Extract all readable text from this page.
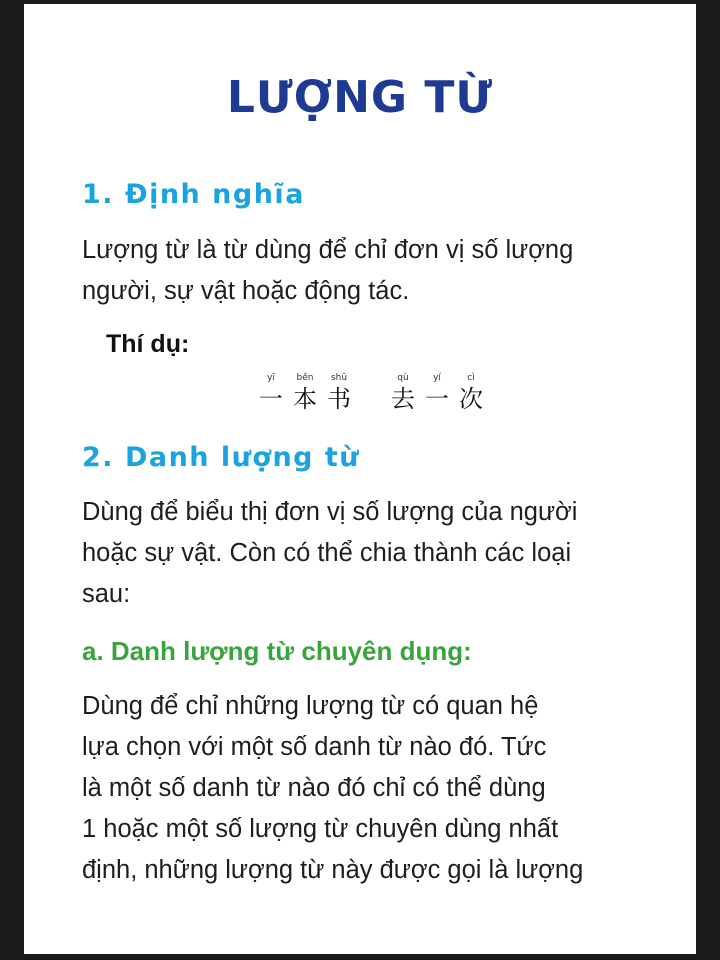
LƯỢNG TỪ
1. Định nghĩa

Lượng từ là từ dùng để chỉ đơn vị số lượng
người, sự vật hoặc động tác.

Thí dụ:

yī
一
běn
本
shū
书
qù
去
yí
一
cì
次
2. Danh lượng từ

Dùng để biểu thị đơn vị số lượng của người
hoặc sự vật. Còn có thể chia thành các loại
sau:

a. Danh lượng từ chuyên dụng:

Dùng để chỉ những lượng từ có quan hệ
lựa chọn với một số danh từ nào đó. Tức
là một số danh từ nào đó chỉ có thể dùng
1 hoặc một số lượng từ chuyên dùng nhất
định, những lượng từ này được gọi là lượng
